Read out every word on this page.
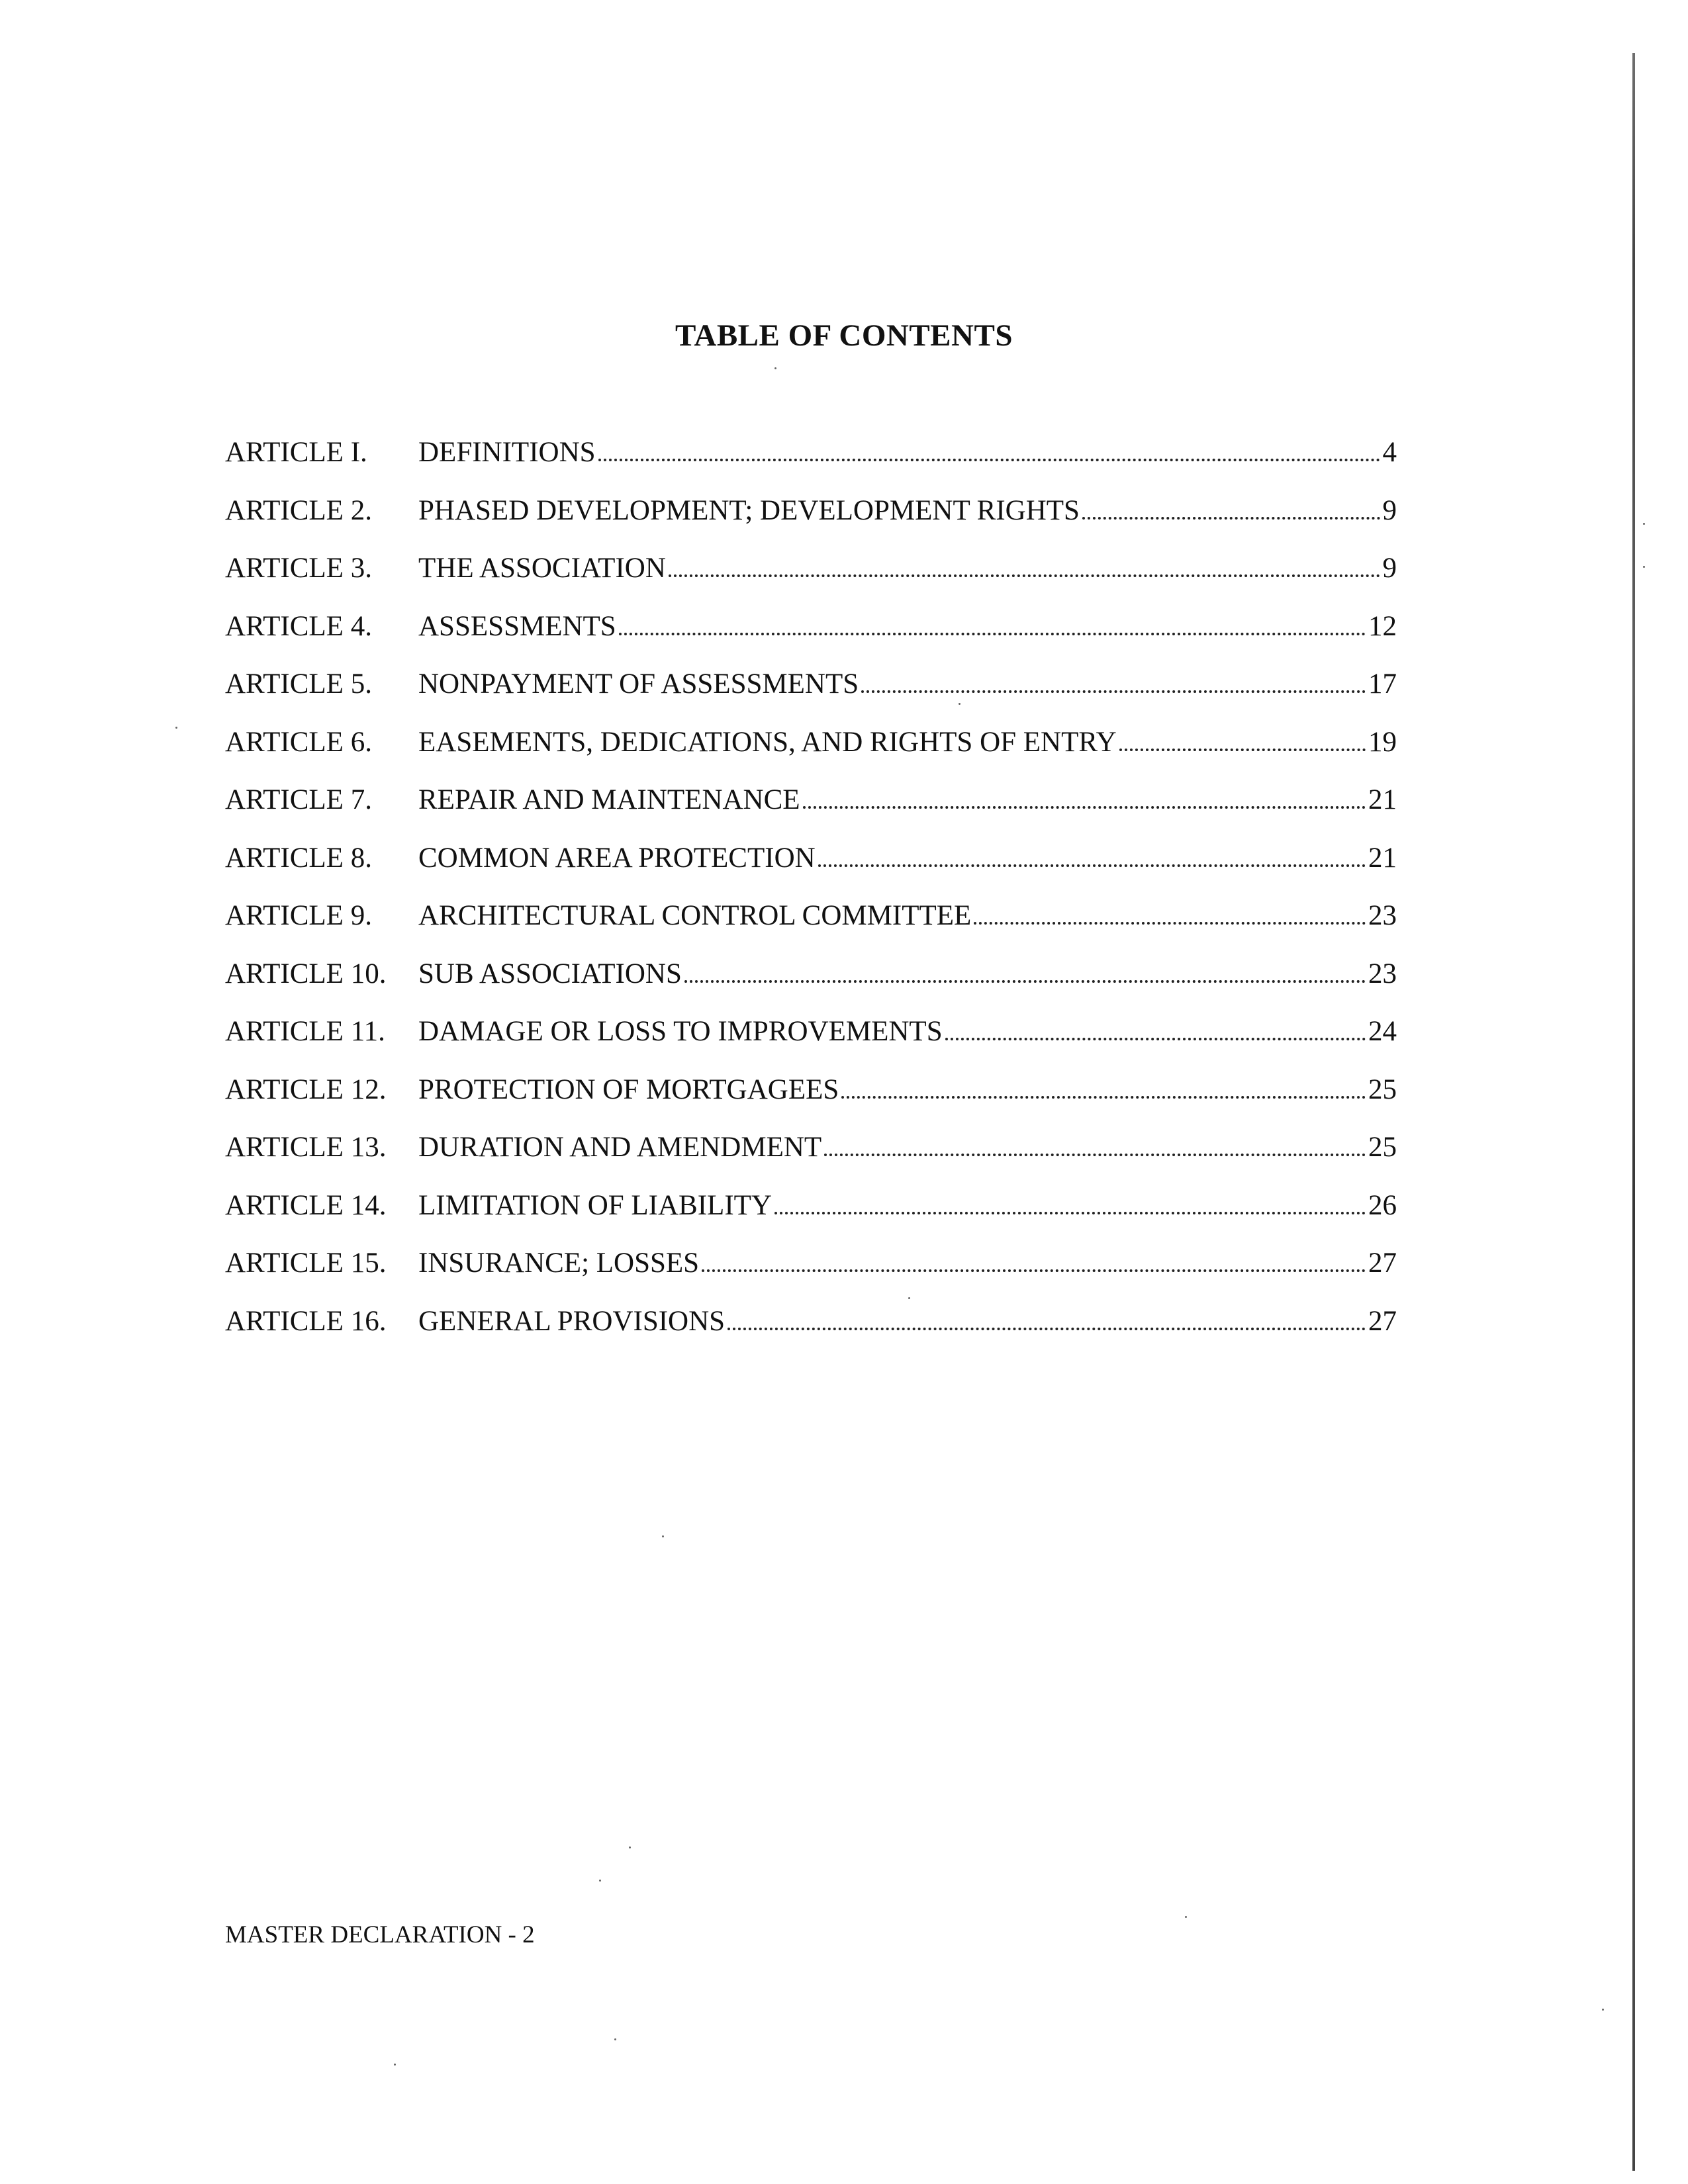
TABLE OF CONTENTS
ARTICLE I. DEFINITIONS	4
ARTICLE 2. PHASED DEVELOPMENT; DEVELOPMENT RIGHTS	9
ARTICLE 3. THE ASSOCIATION	9
ARTICLE 4. ASSESSMENTS	12
ARTICLE 5. NONPAYMENT OF ASSESSMENTS	17
ARTICLE 6. EASEMENTS, DEDICATIONS, AND RIGHTS OF ENTRY	19
ARTICLE 7. REPAIR AND MAINTENANCE	21
ARTICLE 8. COMMON AREA PROTECTION	21
ARTICLE 9. ARCHITECTURAL CONTROL COMMITTEE	23
ARTICLE 10. SUB ASSOCIATIONS	23
ARTICLE 11. DAMAGE OR LOSS TO IMPROVEMENTS	24
ARTICLE 12. PROTECTION OF MORTGAGEES	25
ARTICLE 13. DURATION AND AMENDMENT	25
ARTICLE 14. LIMITATION OF LIABILITY	26
ARTICLE 15. INSURANCE; LOSSES	27
ARTICLE 16. GENERAL PROVISIONS	27
MASTER DECLARATION - 2
